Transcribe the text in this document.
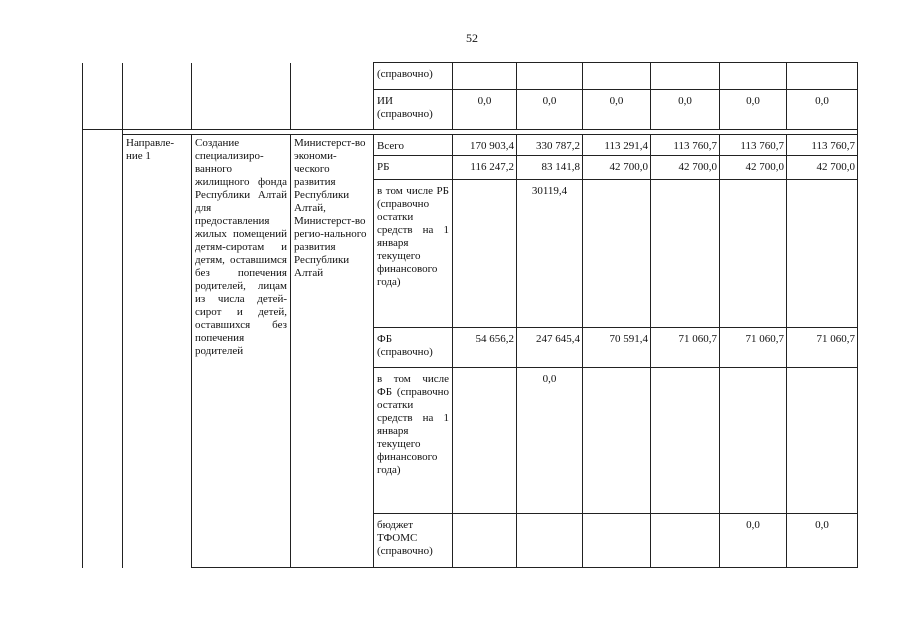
52
				(справочно)						
				ИИ (справочно)	0,0	0,0	0,0	0,0	0,0	0,0

	Направле-ние 1	Создание специализиро-ванного жилищного фонда Республики Алтай для предоставления жилых помещений детям-сиротам и детям, оставшимся без попечения родителей, лицам из числа детей-сирот и детей, оставшихся без попечения родителей	Министерст-во экономи-ческого развития Республики Алтай, Министерст-во регио-нального развития Республики Алтай	Всего	170 903,4	330 787,2	113 291,4	113 760,7	113 760,7	113 760,7
				РБ	116 247,2	83 141,8	42 700,0	42 700,0	42 700,0	42 700,0
				в том числе РБ (справочно остатки средств на 1 января текущего финансового года)		30119,4				
				ФБ (справочно)	54 656,2	247 645,4	70 591,4	71 060,7	71 060,7	71 060,7
				в том числе ФБ (справочно остатки средств на 1 января текущего финансового года)		0,0				
				бюджет ТФОМС (справочно)					0,0	0,0
